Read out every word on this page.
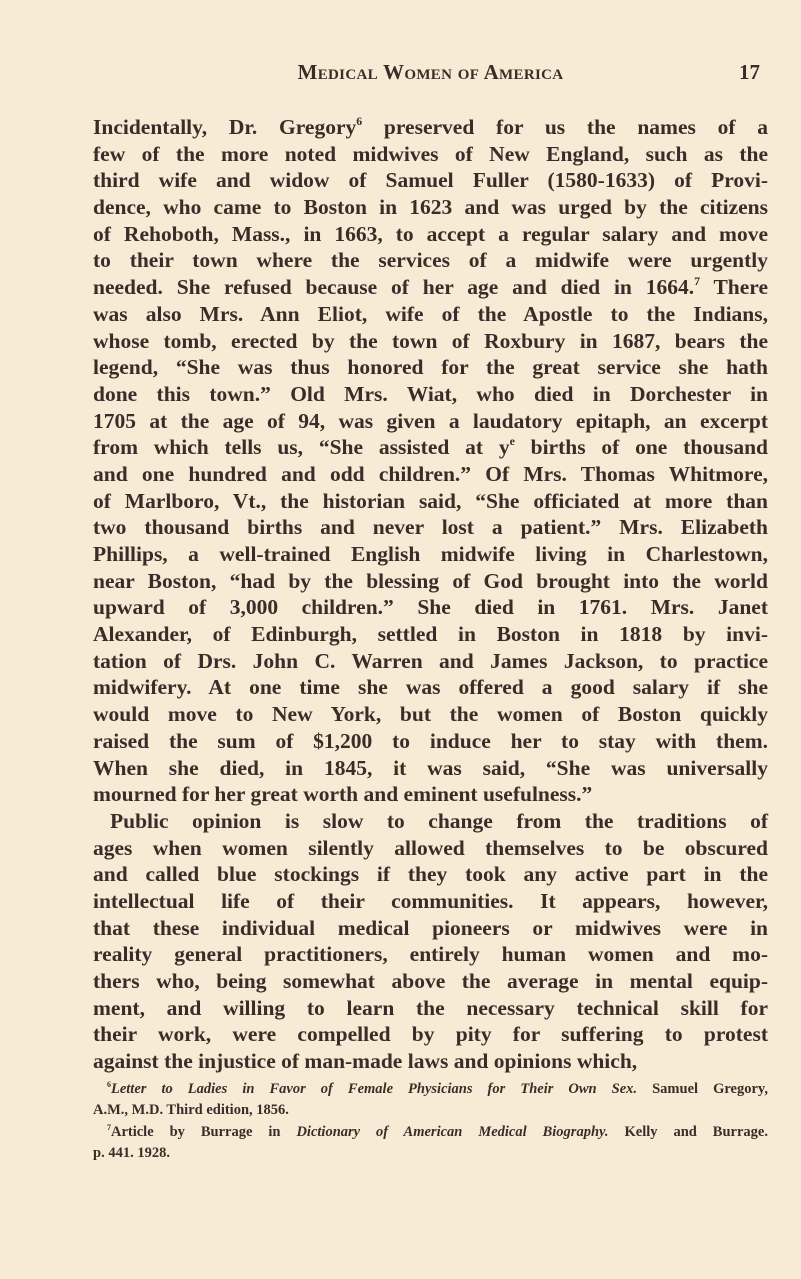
Medical Women of America	17
Incidentally, Dr. Gregory$^6$ preserved for us the names of a
few of the more noted midwives of New England, such as the
third wife and widow of Samuel Fuller (1580-1633) of Provi-
dence, who came to Boston in 1623 and was urged by the citizens
of Rehoboth, Mass., in 1663, to accept a regular salary and move
to their town where the services of a midwife were urgently
needed. She refused because of her age and died in 1664.$^7$ There
was also Mrs. Ann Eliot, wife of the Apostle to the Indians,
whose tomb, erected by the town of Roxbury in 1687, bears the
legend, “She was thus honored for the great service she hath
done this town.” Old Mrs. Wiat, who died in Dorchester in
1705 at the age of 94, was given a laudatory epitaph, an excerpt
from which tells us, “She assisted at $y^e$ births of one thousand
and one hundred and odd children.” Of Mrs. Thomas Whitmore,
of Marlboro, Vt., the historian said, “She officiated at more than
two thousand births and never lost a patient.” Mrs. Elizabeth
Phillips, a well-trained English midwife living in Charlestown,
near Boston, “had by the blessing of God brought into the world
upward of 3,000 children.” She died in 1761. Mrs. Janet
Alexander, of Edinburgh, settled in Boston in 1818 by invi-
tation of Drs. John C. Warren and James Jackson, to practice
midwifery. At one time she was offered a good salary if she
would move to New York, but the women of Boston quickly
raised the sum of $1,200 to induce her to stay with them.
When she died, in 1845, it was said, “She was universally
mourned for her great worth and eminent usefulness.”
Public opinion is slow to change from the traditions of
ages when women silently allowed themselves to be obscured
and called blue stockings if they took any active part in the
intellectual life of their communities. It appears, however,
that these individual medical pioneers or midwives were in
reality general practitioners, entirely human women and mo-
thers who, being somewhat above the average in mental equip-
ment, and willing to learn the necessary technical skill for
their work, were compelled by pity for suffering to protest
against the injustice of man-made laws and opinions which,
$^6$Letter to Ladies in Favor of Female Physicians for Their Own Sex. Samuel Gregory,
A.M., M.D. Third edition, 1856.
$^7$Article by Burrage in Dictionary of American Medical Biography. Kelly and Burrage.
p. 441. 1928.
